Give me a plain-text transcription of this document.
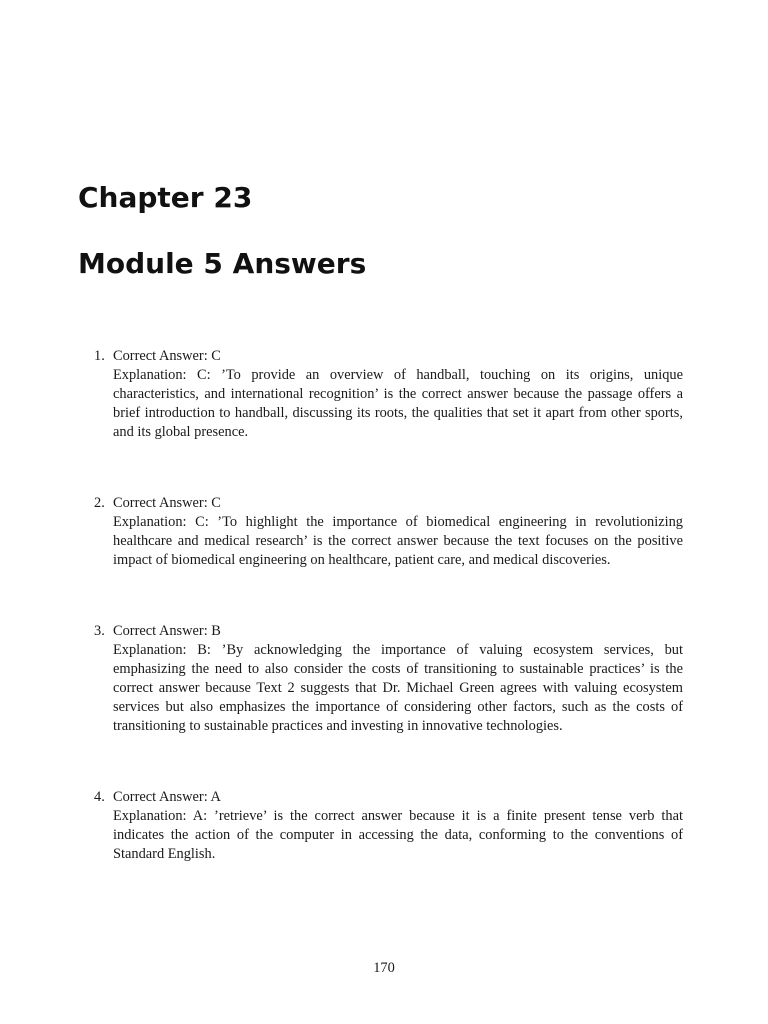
Chapter 23
Module 5 Answers
1. Correct Answer: C
Explanation: C: ’To provide an overview of handball, touching on its origins, unique characteristics, and international recognition’ is the correct answer because the passage offers a brief introduction to handball, discussing its roots, the qualities that set it apart from other sports, and its global presence.
2. Correct Answer: C
Explanation: C: ’To highlight the importance of biomedical engineering in revolutionizing healthcare and medical research’ is the correct answer because the text focuses on the positive impact of biomedical engineering on healthcare, patient care, and medical discoveries.
3. Correct Answer: B
Explanation: B: ’By acknowledging the importance of valuing ecosystem services, but emphasizing the need to also consider the costs of transitioning to sustainable practices’ is the correct answer because Text 2 suggests that Dr. Michael Green agrees with valuing ecosystem services but also emphasizes the importance of considering other factors, such as the costs of transitioning to sustainable practices and investing in innovative technologies.
4. Correct Answer: A
Explanation: A: ’retrieve’ is the correct answer because it is a finite present tense verb that indicates the action of the computer in accessing the data, conforming to the conventions of Standard English.
170
